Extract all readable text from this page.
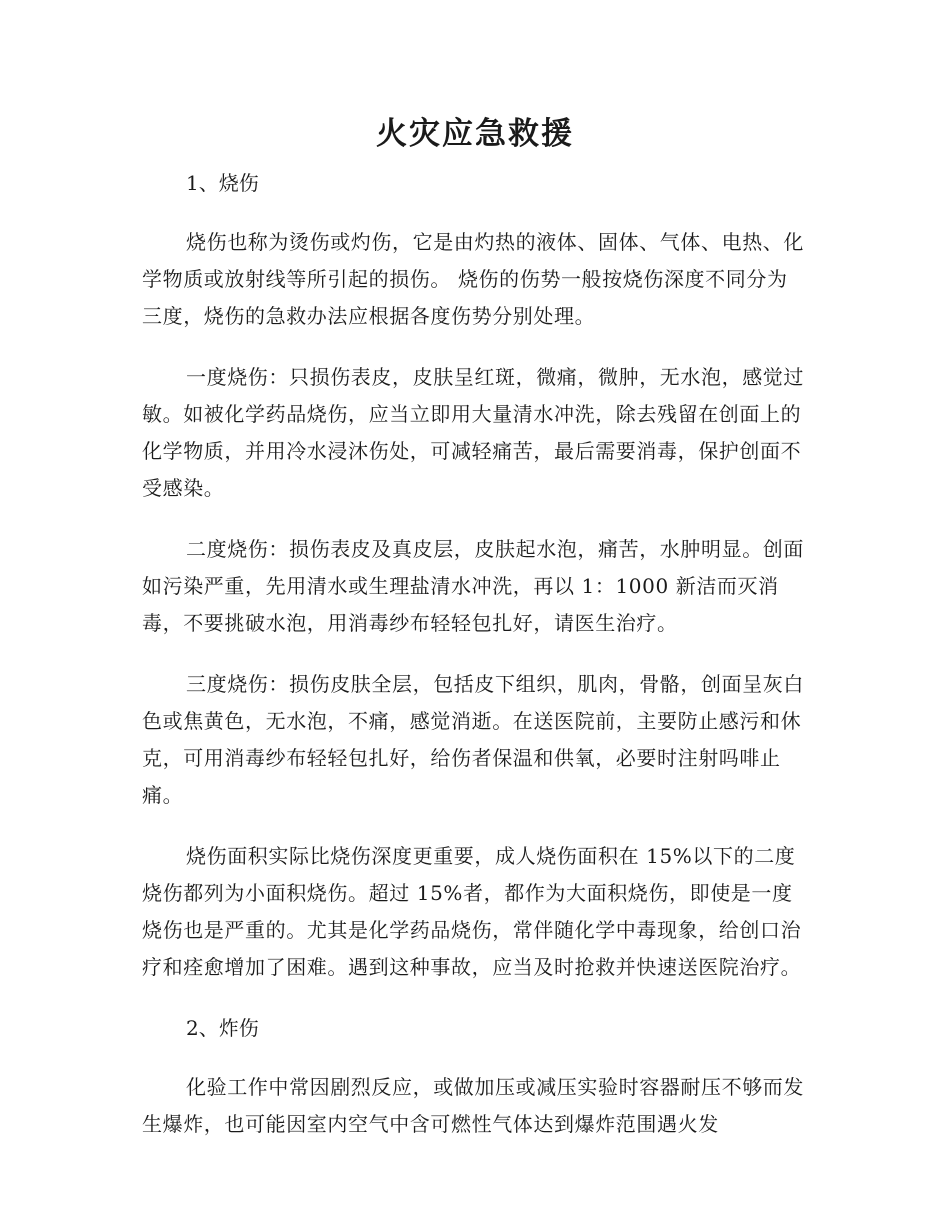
火灾应急救援

1、烧伤

烧伤也称为烫伤或灼伤，它是由灼热的液体、固体、气体、电热、化学物质或放射线等所引起的损伤。 烧伤的伤势一般按烧伤深度不同分为三度，烧伤的急救办法应根据各度伤势分别处理。

一度烧伤：只损伤表皮，皮肤呈红斑，微痛，微肿，无水泡，感觉过敏。如被化学药品烧伤，应当立即用大量清水冲洗，除去残留在创面上的化学物质，并用冷水浸沐伤处，可减轻痛苦，最后需要消毒，保护创面不受感染。

二度烧伤：损伤表皮及真皮层，皮肤起水泡，痛苦，水肿明显。创面如污染严重，先用清水或生理盐清水冲洗，再以 1：1000 新洁而灭消毒，不要挑破水泡，用消毒纱布轻轻包扎好，请医生治疗。

三度烧伤：损伤皮肤全层，包括皮下组织，肌肉，骨骼，创面呈灰白色或焦黄色，无水泡，不痛，感觉消逝。在送医院前，主要防止感污和休克，可用消毒纱布轻轻包扎好，给伤者保温和供氧，必要时注射吗啡止痛。

烧伤面积实际比烧伤深度更重要，成人烧伤面积在 15%以下的二度烧伤都列为小面积烧伤。超过 15%者，都作为大面积烧伤，即使是一度烧伤也是严重的。尤其是化学药品烧伤，常伴随化学中毒现象，给创口治疗和痊愈增加了困难。遇到这种事故，应当及时抢救并快速送医院治疗。

2、炸伤

化验工作中常因剧烈反应，或做加压或减压实验时容器耐压不够而发生爆炸，也可能因室内空气中含可燃性气体达到爆炸范围遇火发
